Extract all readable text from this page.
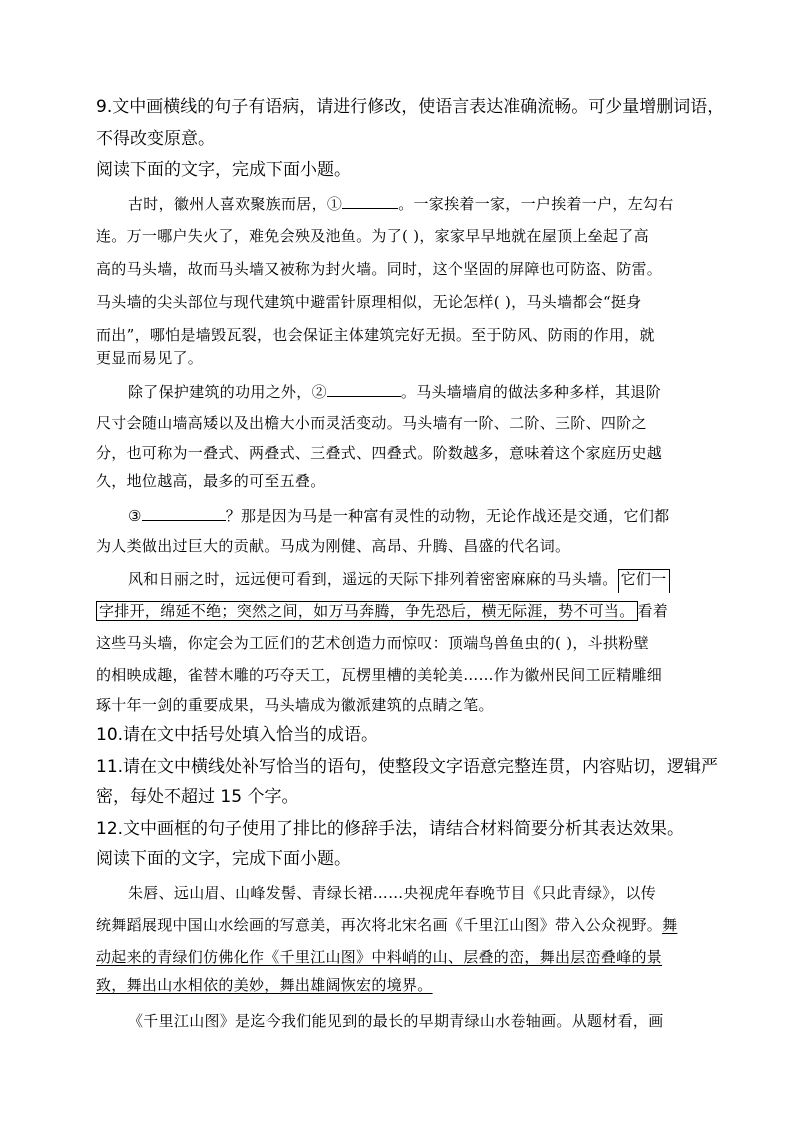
9.文中画横线的句子有语病，请进行修改，使语言表达准确流畅。可少量增删词语，
不得改变原意。
阅读下面的文字，完成下面小题。
古时，徽州人喜欢聚族而居，①	。一家挨着一家，一户挨着一户，左勾右
连。万一哪户失火了，难免会殃及池鱼。为了( )，家家早早地就在屋顶上垒起了高
高的马头墙，故而马头墙又被称为封火墙。同时，这个坚固的屏障也可防盗、防雷。
马头墙的尖头部位与现代建筑中避雷针原理相似，无论怎样( )，马头墙都会“挺身
而出”，哪怕是墙毁瓦裂，也会保证主体建筑完好无损。至于防风、防雨的作用，就
更显而易见了。
除了保护建筑的功用之外，②	。马头墙墙肩的做法多种多样，其退阶
尺寸会随山墙高矮以及出檐大小而灵活变动。马头墙有一阶、二阶、三阶、四阶之
分，也可称为一叠式、两叠式、三叠式、四叠式。阶数越多，意味着这个家庭历史越
久，地位越高，最多的可至五叠。
③	？那是因为马是一种富有灵性的动物，无论作战还是交通，它们都
为人类做出过巨大的贡献。马成为刚健、高昂、升腾、昌盛的代名词。
风和日丽之时，远远便可看到，遥远的天际下排列着密密麻麻的马头墙。 它们一
字排开，绵延不绝；突然之间，如万马奔腾，争先恐后，横无际涯，势不可当。 看着
这些马头墙，你定会为工匠们的艺术创造力而惊叹：顶端鸟兽鱼虫的( )，斗拱粉壁
的相映成趣，雀替木雕的巧夺天工，瓦楞里槽的美轮美……作为徽州民间工匠精雕细
琢十年一剑的重要成果，马头墙成为徽派建筑的点睛之笔。
10.请在文中括号处填入恰当的成语。
11.请在文中横线处补写恰当的语句，使整段文字语意完整连贯，内容贴切，逻辑严
密，每处不超过 15 个字。
12.文中画框的句子使用了排比的修辞手法，请结合材料简要分析其表达效果。
阅读下面的文字，完成下面小题。
朱唇、远山眉、山峰发髻、青绿长裙……央视虎年春晚节目《只此青绿》，以传
统舞蹈展现中国山水绘画的写意美，再次将北宋名画《千里江山图》带入公众视野。舞
动起来的青绿们仿佛化作《千里江山图》中料峭的山、层叠的峦，舞出层峦叠峰的景
致，舞出山水相依的美妙，舞出雄阔恢宏的境界。
《千里江山图》是迄今我们能见到的最长的早期青绿山水卷轴画。从题材看，画
